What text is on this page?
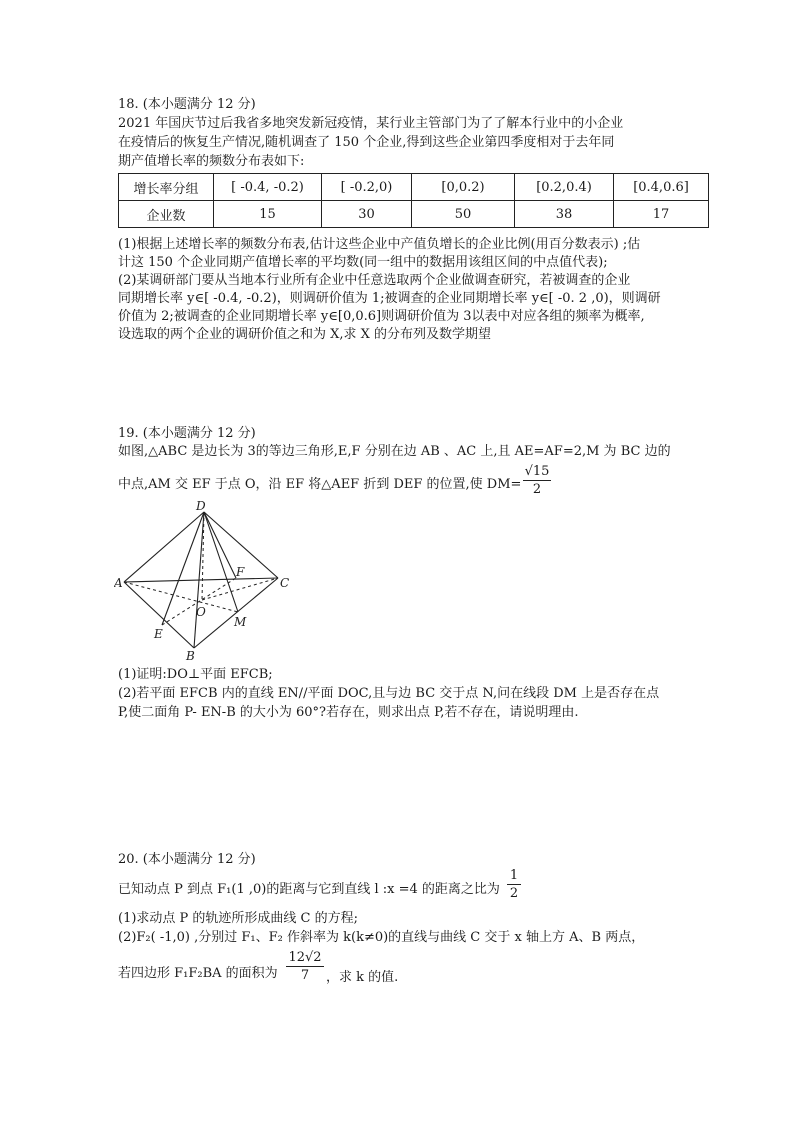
18. (本小题满分 12 分)
2021 年国庆节过后我省多地突发新冠疫情，某行业主管部门为了了解本行业中的小企业
在疫情后的恢复生产情况,随机调查了 150 个企业,得到这些企业第四季度相对于去年同
期产值增长率的频数分布表如下:
增长率分组	[ -0.4, -0.2)	[ -0.2,0)	[0,0.2)	[0.2,0.4)	[0.4,0.6]
企业数	15	30	50	38	17
(1)根据上述增长率的频数分布表,估计这些企业中产值负增长的企业比例(用百分数表示) ;估
计这 150 个企业同期产值增长率的平均数(同一组中的数据用该组区间的中点值代表);
(2)某调研部门要从当地本行业所有企业中任意选取两个企业做调查研究，若被调查的企业
同期增长率 y∈[ -0.4, -0.2)，则调研价值为 1;被调查的企业同期增长率 y∈[ -0. 2 ,0)，则调研
价值为 2;被调查的企业同期增长率 y∈[0,0.6]则调研价值为 3以表中对应各组的频率为概率,
设选取的两个企业的调研价值之和为 X,求 X 的分布列及数学期望
19. (本小题满分 12 分)
如图,△ABC 是边长为 3的等边三角形,E,F 分别在边 AB 、AC 上,且 AE=AF=2,M 为 BC 边的
中点,AM 交 EF 于点 O，沿 EF 将△AEF 折到 DEF 的位置,使 DM=
√15
2
D
A
F
C
O
E
M
B
(1)证明:DO⊥平面 EFCB;
(2)若平面 EFCB 内的直线 EN//平面 DOC,且与边 BC 交于点 N,问在线段 DM 上是否存在点
P,使二面角 P- EN-B 的大小为 60°?若存在，则求出点 P,若不存在，请说明理由.
20. (本小题满分 12 分)
已知动点 P 到点 F₁(1 ,0)的距离与它到直线 l :x =4 的距离之比为
1
2
(1)求动点 P 的轨迹所形成曲线 C 的方程;
(2)F₂( -1,0) ,分别过 F₁、F₂ 作斜率为 k(k≠0)的直线与曲线 C 交于 x 轴上方 A、B 两点，
若四边形 F₁F₂BA 的面积为
12√2
7	，求 k 的值.
